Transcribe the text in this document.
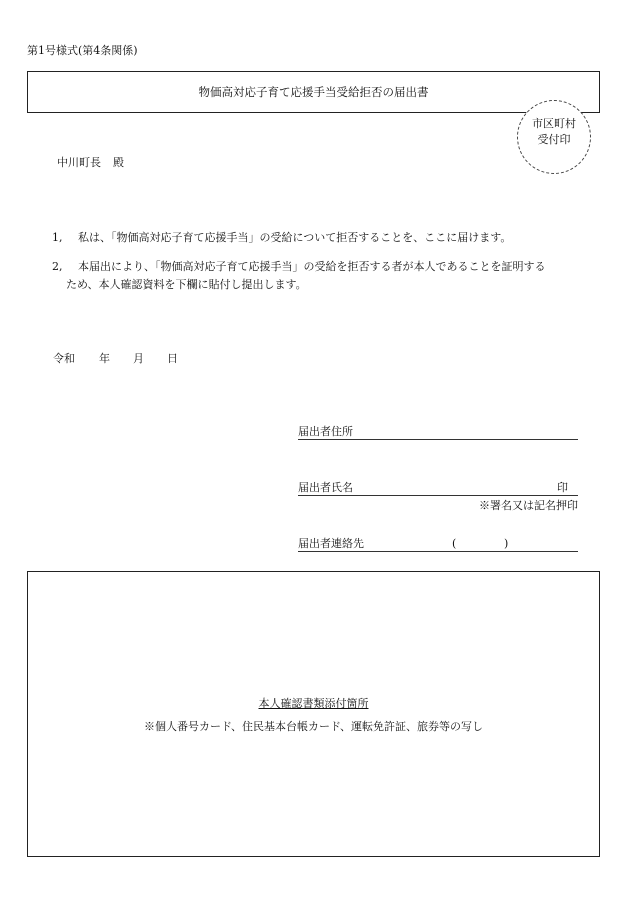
第1号様式(第4条関係)
物価高対応子育て応援手当受給拒否の届出書
市区町村
受付印
中川町長 殿
1, 私は、「物価高対応子育て応援手当」の受給について拒否することを、ここに届けます。
2, 本届出により、「物価高対応子育て応援手当」の受給を拒否する者が本人であることを証明する
ため、本人確認資料を下欄に貼付し提出します。
令和 年 月 日
届出者住所
届出者氏名	印
※署名又は記名押印
届出者連絡先	(	)
本人確認書類添付箇所
※個人番号カード、住民基本台帳カード、運転免許証、旅券等の写し
